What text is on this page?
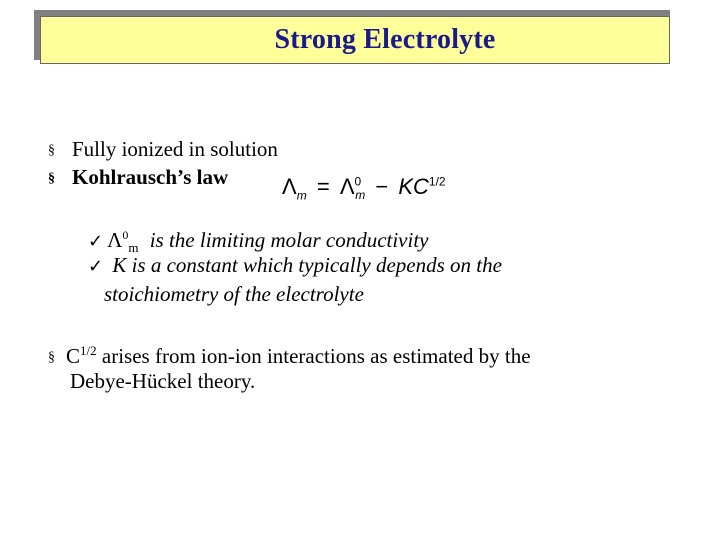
Strong Electrolyte
§ Fully ionized in solution
§ Kohlrausch’s law $\Lambda_m = \Lambda^0_m - KC^{1/2}$
✓ $\Lambda^0_m$ is the limiting molar conductivity
✓ K is a constant which typically depends on the
stoichiometry of the electrolyte
§ $C^{1/2}$ arises from ion-ion interactions as estimated by the
Debye-Hückel theory.
